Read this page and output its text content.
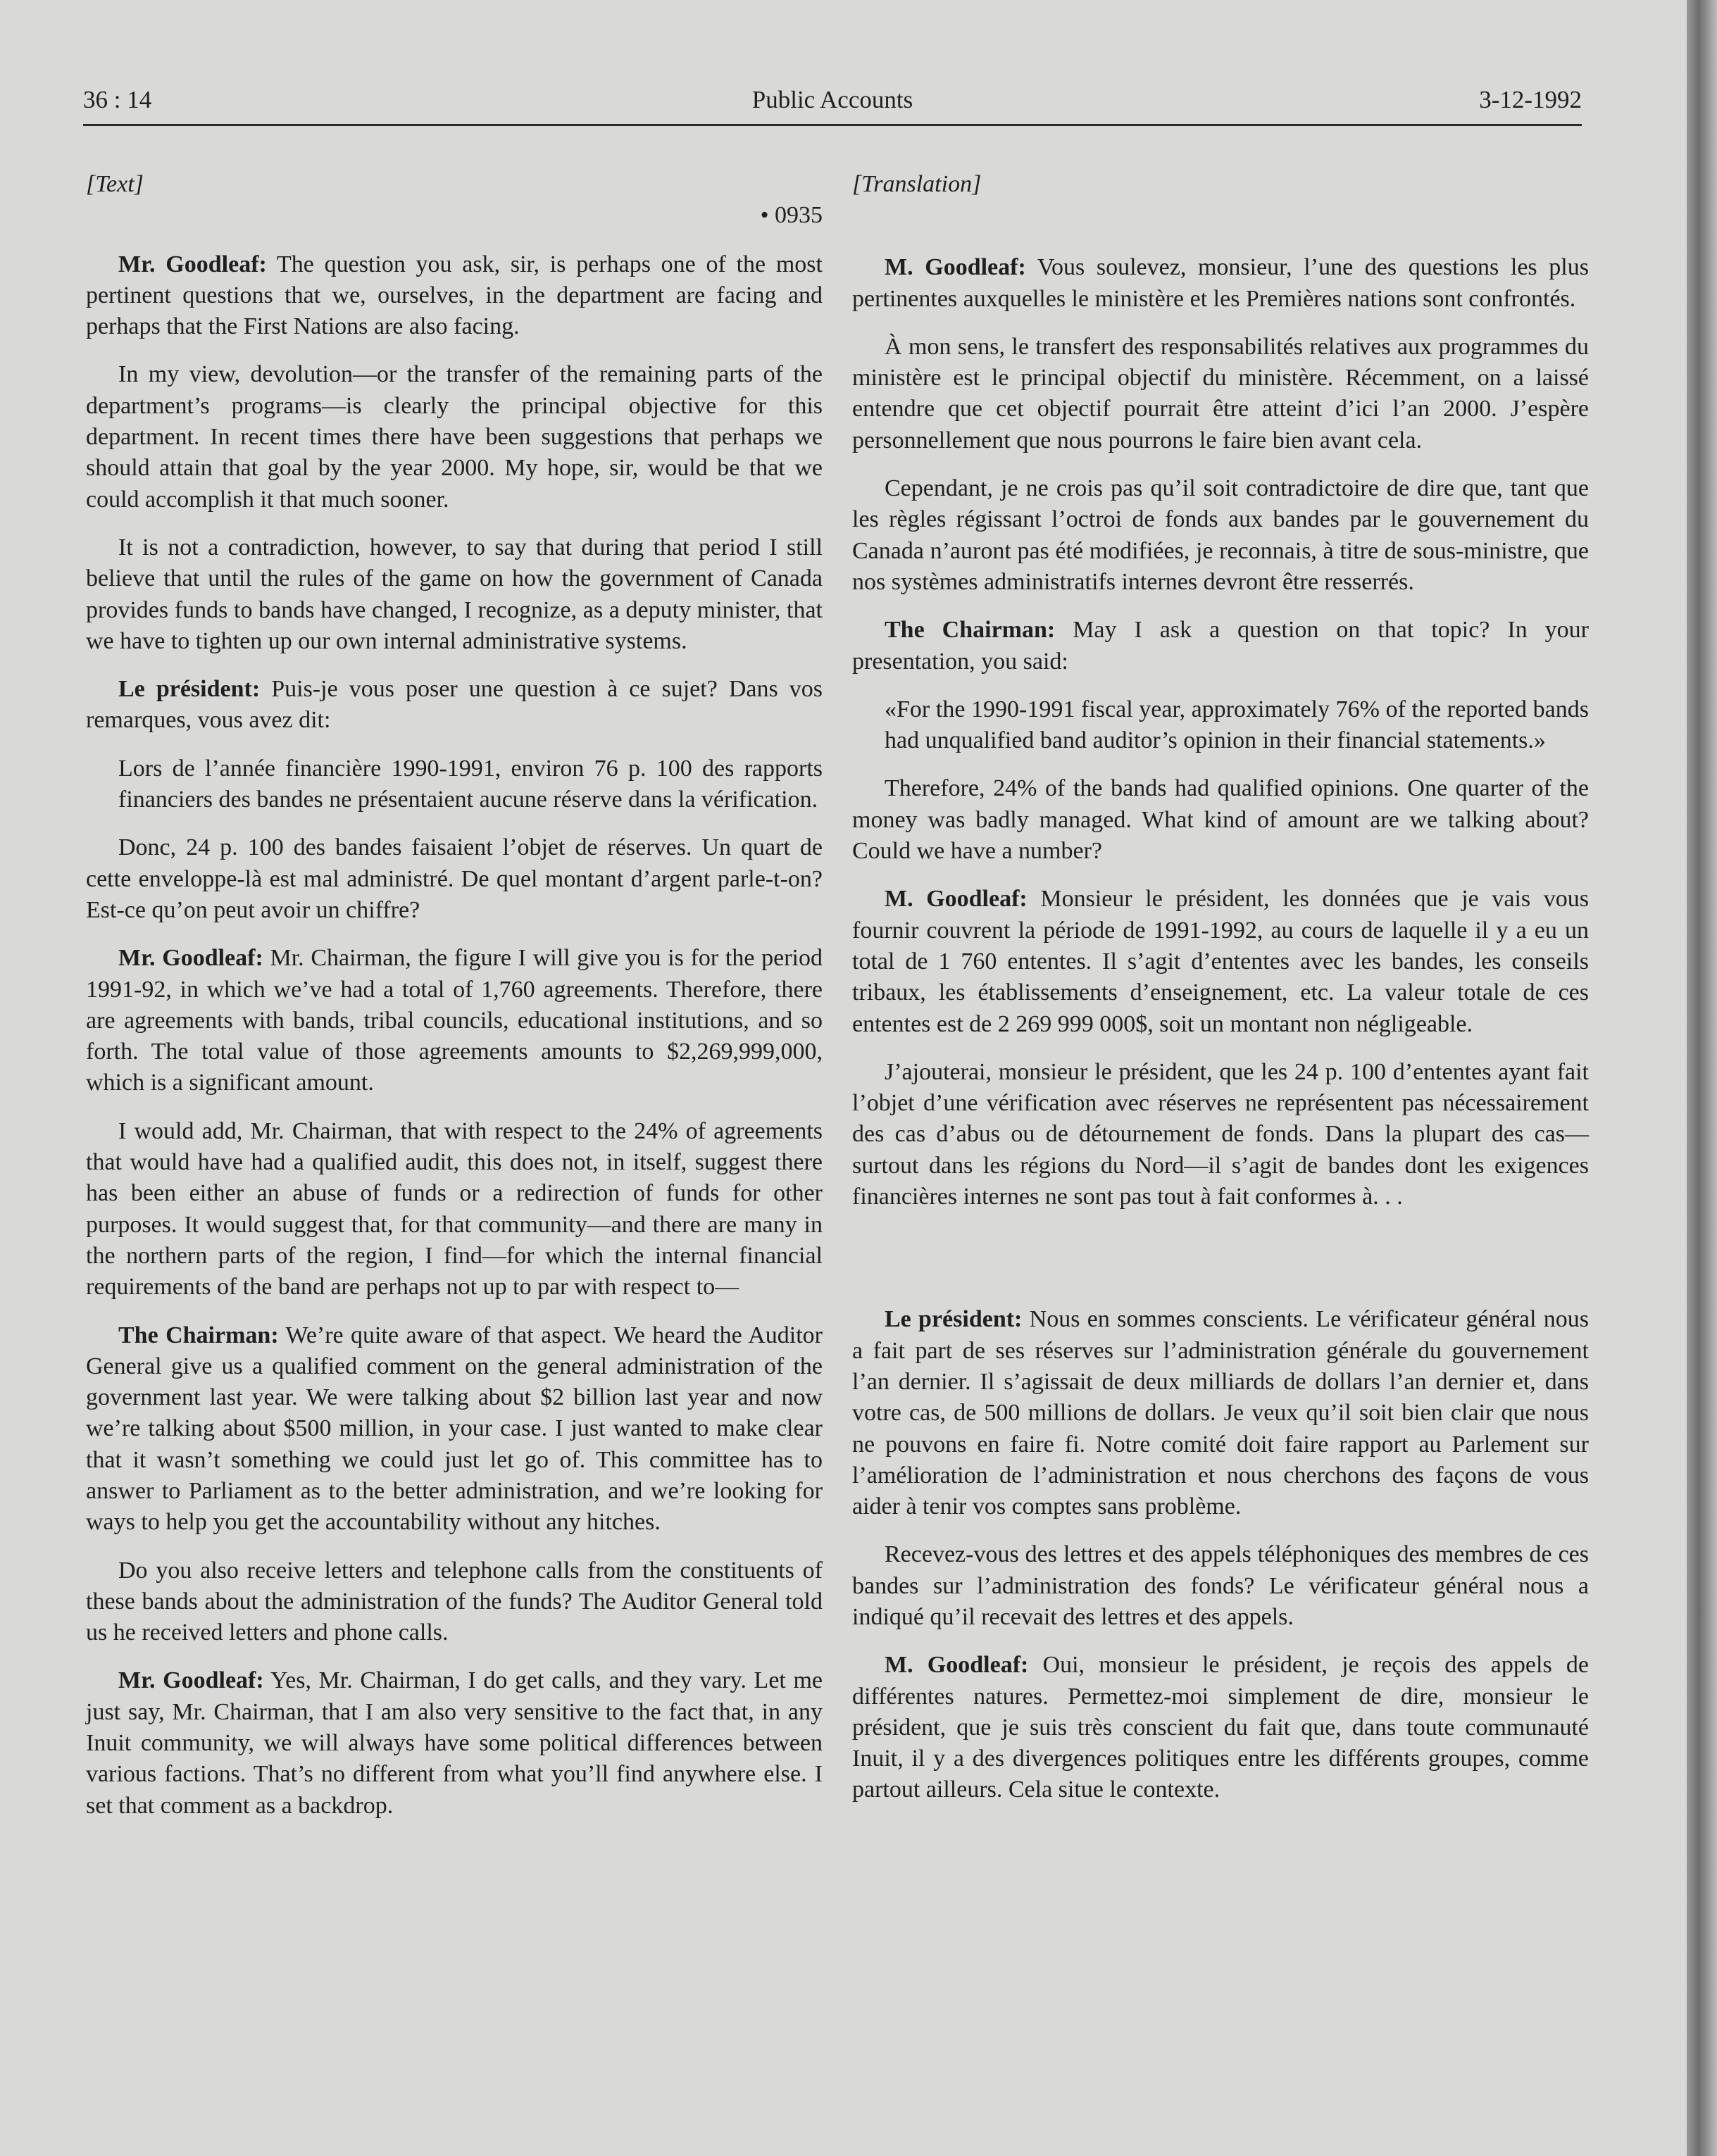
36 : 14	Public Accounts	3-12-1992
[Text]
• 0935

Mr. Goodleaf: The question you ask, sir, is perhaps one of the most pertinent questions that we, ourselves, in the department are facing and perhaps that the First Nations are also facing.

In my view, devolution—or the transfer of the remaining parts of the department’s programs—is clearly the principal objective for this department. In recent times there have been suggestions that perhaps we should attain that goal by the year 2000. My hope, sir, would be that we could accomplish it that much sooner.

It is not a contradiction, however, to say that during that period I still believe that until the rules of the game on how the government of Canada provides funds to bands have changed, I recognize, as a deputy minister, that we have to tighten up our own internal administrative systems.

Le président: Puis-je vous poser une question à ce sujet? Dans vos remarques, vous avez dit:

Lors de l’année financière 1990-1991, environ 76 p. 100 des rapports financiers des bandes ne présentaient aucune réserve dans la vérification.

Donc, 24 p. 100 des bandes faisaient l’objet de réserves. Un quart de cette enveloppe-là est mal administré. De quel montant d’argent parle-t-on? Est-ce qu’on peut avoir un chiffre?

Mr. Goodleaf: Mr. Chairman, the figure I will give you is for the period 1991-92, in which we’ve had a total of 1,760 agreements. Therefore, there are agreements with bands, tribal councils, educational institutions, and so forth. The total value of those agreements amounts to $2,269,999,000, which is a significant amount.

I would add, Mr. Chairman, that with respect to the 24% of agreements that would have had a qualified audit, this does not, in itself, suggest there has been either an abuse of funds or a redirection of funds for other purposes. It would suggest that, for that community—and there are many in the northern parts of the region, I find—for which the internal financial requirements of the band are perhaps not up to par with respect to—

The Chairman: We’re quite aware of that aspect. We heard the Auditor General give us a qualified comment on the general administration of the government last year. We were talking about $2 billion last year and now we’re talking about $500 million, in your case. I just wanted to make clear that it wasn’t something we could just let go of. This committee has to answer to Parliament as to the better administration, and we’re looking for ways to help you get the accountability without any hitches.

Do you also receive letters and telephone calls from the constituents of these bands about the administration of the funds? The Auditor General told us he received letters and phone calls.

Mr. Goodleaf: Yes, Mr. Chairman, I do get calls, and they vary. Let me just say, Mr. Chairman, that I am also very sensitive to the fact that, in any Inuit community, we will always have some political differences between various factions. That’s no different from what you’ll find anywhere else. I set that comment as a backdrop.

[Translation]

M. Goodleaf: Vous soulevez, monsieur, l’une des questions les plus pertinentes auxquelles le ministère et les Premières nations sont confrontés.

À mon sens, le transfert des responsabilités relatives aux programmes du ministère est le principal objectif du ministère. Récemment, on a laissé entendre que cet objectif pourrait être atteint d’ici l’an 2000. J’espère personnellement que nous pourrons le faire bien avant cela.

Cependant, je ne crois pas qu’il soit contradictoire de dire que, tant que les règles régissant l’octroi de fonds aux bandes par le gouvernement du Canada n’auront pas été modifiées, je reconnais, à titre de sous-ministre, que nos systèmes administratifs internes devront être resserrés.

The Chairman: May I ask a question on that topic? In your presentation, you said:

«For the 1990-1991 fiscal year, approximately 76% of the reported bands had unqualified band auditor’s opinion in their financial statements.»

Therefore, 24% of the bands had qualified opinions. One quarter of the money was badly managed. What kind of amount are we talking about? Could we have a number?

M. Goodleaf: Monsieur le président, les données que je vais vous fournir couvrent la période de 1991-1992, au cours de laquelle il y a eu un total de 1 760 ententes. Il s’agit d’ententes avec les bandes, les conseils tribaux, les établissements d’enseignement, etc. La valeur totale de ces ententes est de 2 269 999 000$, soit un montant non négligeable.

J’ajouterai, monsieur le président, que les 24 p. 100 d’ententes ayant fait l’objet d’une vérification avec réserves ne représentent pas nécessairement des cas d’abus ou de détournement de fonds. Dans la plupart des cas—surtout dans les régions du Nord—il s’agit de bandes dont les exigences financières internes ne sont pas tout à fait conformes à. . .

Le président: Nous en sommes conscients. Le vérificateur général nous a fait part de ses réserves sur l’administration générale du gouvernement l’an dernier. Il s’agissait de deux milliards de dollars l’an dernier et, dans votre cas, de 500 millions de dollars. Je veux qu’il soit bien clair que nous ne pouvons en faire fi. Notre comité doit faire rapport au Parlement sur l’amélioration de l’administration et nous cherchons des façons de vous aider à tenir vos comptes sans problème.

Recevez-vous des lettres et des appels téléphoniques des membres de ces bandes sur l’administration des fonds? Le vérificateur général nous a indiqué qu’il recevait des lettres et des appels.

M. Goodleaf: Oui, monsieur le président, je reçois des appels de différentes natures. Permettez-moi simplement de dire, monsieur le président, que je suis très conscient du fait que, dans toute communauté Inuit, il y a des divergences politiques entre les différents groupes, comme partout ailleurs. Cela situe le contexte.
